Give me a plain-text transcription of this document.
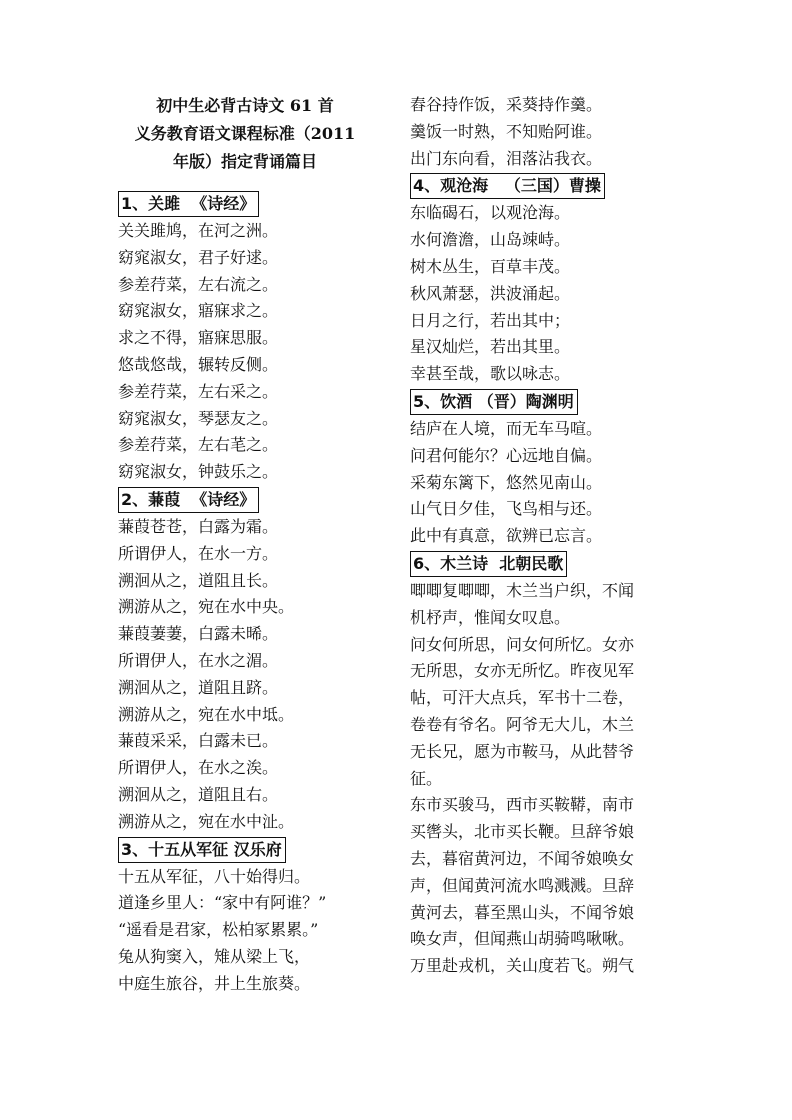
初中生必背古诗文 61 首
义务教育语文课程标准（2011
年版）指定背诵篇目
1、关雎  《诗经》
关关雎鸠，在河之洲。
窈窕淑女，君子好逑。
参差荇菜，左右流之。
窈窕淑女，寤寐求之。
求之不得，寤寐思服。
悠哉悠哉，辗转反侧。
参差荇菜，左右采之。
窈窕淑女，琴瑟友之。
参差荇菜，左右芼之。
窈窕淑女，钟鼓乐之。
2、蒹葭  《诗经》
蒹葭苍苍，白露为霜。
所谓伊人，在水一方。
溯洄从之，道阻且长。
溯游从之，宛在水中央。
蒹葭萋萋，白露未晞。
所谓伊人，在水之湄。
溯洄从之，道阻且跻。
溯游从之，宛在水中坻。
蒹葭采采，白露未已。
所谓伊人，在水之涘。
溯洄从之，道阻且右。
溯游从之，宛在水中沚。
3、十五从军征 汉乐府
十五从军征，八十始得归。
道逢乡里人：“家中有阿谁？”
“遥看是君家，松柏冢累累。”
兔从狗窦入，雉从梁上飞，
中庭生旅谷，井上生旅葵。
舂谷持作饭，采葵持作羹。
羹饭一时熟，不知贻阿谁。
出门东向看，泪落沾我衣。
4、观沧海   （三国）曹操
东临碣石，以观沧海。
水何澹澹，山岛竦峙。
树木丛生，百草丰茂。
秋风萧瑟，洪波涌起。
日月之行，若出其中；
星汉灿烂，若出其里。
幸甚至哉，歌以咏志。
5、饮酒 （晋）陶渊明
结庐在人境，而无车马喧。
问君何能尔？心远地自偏。
采菊东篱下，悠然见南山。
山气日夕佳，飞鸟相与还。
此中有真意，欲辨已忘言。
6、木兰诗  北朝民歌
唧唧复唧唧，木兰当户织，不闻
机杼声，惟闻女叹息。
问女何所思，问女何所忆。女亦
无所思，女亦无所忆。昨夜见军
帖，可汗大点兵，军书十二卷，
卷卷有爷名。阿爷无大儿，木兰
无长兄，愿为市鞍马，从此替爷
征。
东市买骏马，西市买鞍鞯，南市
买辔头，北市买长鞭。旦辞爷娘
去，暮宿黄河边，不闻爷娘唤女
声，但闻黄河流水鸣溅溅。旦辞
黄河去，暮至黑山头，不闻爷娘
唤女声，但闻燕山胡骑鸣啾啾。
万里赴戎机，关山度若飞。朔气
